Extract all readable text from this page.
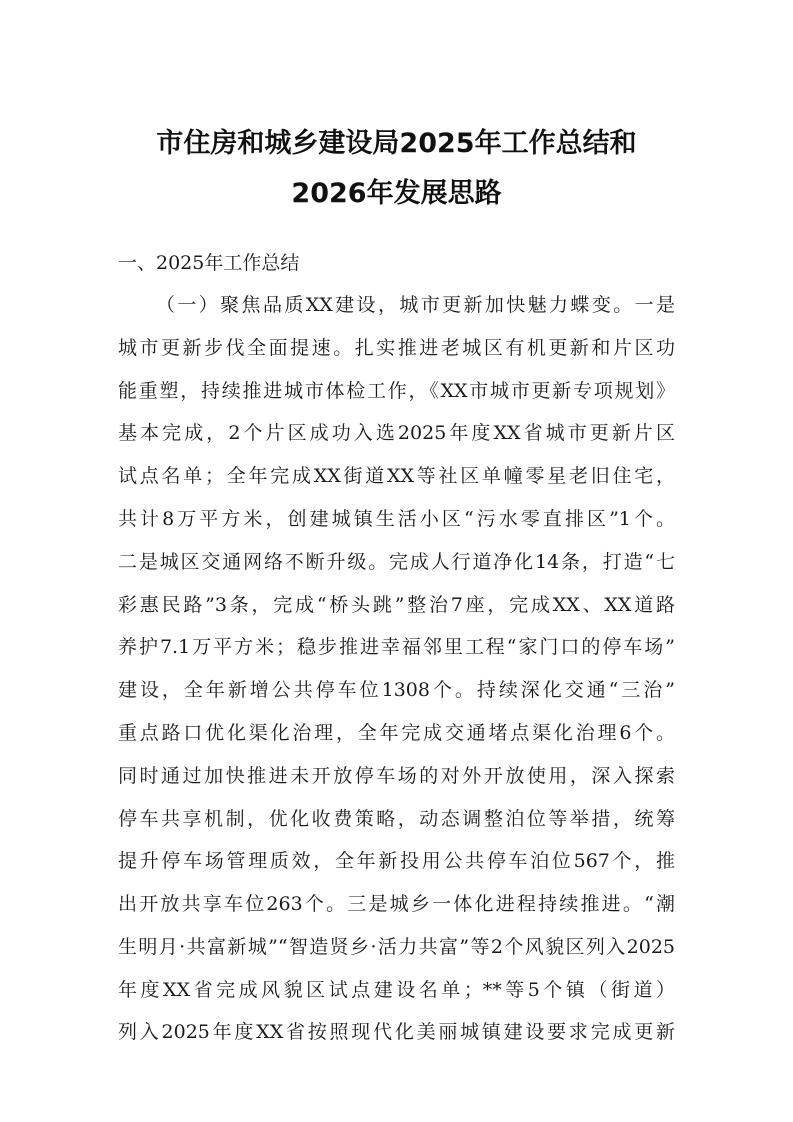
市住房和城乡建设局2025年工作总结和
2026年发展思路
一、2025年工作总结
（一）聚焦品质XX建设，城市更新加快魅力蝶变。一是
城市更新步伐全面提速。扎实推进老城区有机更新和片区功
能重塑，持续推进城市体检工作，《XX市城市更新专项规划》
基本完成，2个片区成功入选2025年度XX省城市更新片区
试点名单；全年完成XX街道XX等社区单幢零星老旧住宅，
共计8万平方米，创建城镇生活小区“污水零直排区”1个。
二是城区交通网络不断升级。完成人行道净化14条，打造“七
彩惠民路”3条，完成“桥头跳”整治7座，完成XX、XX道路
养护7.1万平方米；稳步推进幸福邻里工程“家门口的停车场”
建设，全年新增公共停车位1308个。持续深化交通“三治”
重点路口优化渠化治理，全年完成交通堵点渠化治理6个。
同时通过加快推进未开放停车场的对外开放使用，深入探索
停车共享机制，优化收费策略，动态调整泊位等举措，统筹
提升停车场管理质效，全年新投用公共停车泊位567个，推
出开放共享车位263个。三是城乡一体化进程持续推进。“潮
生明月·共富新城”“智造贤乡·活力共富”等2个风貌区列入2025
年度XX省完成风貌区试点建设名单；**等5个镇（街道）
列入2025年度XX省按照现代化美丽城镇建设要求完成更新
